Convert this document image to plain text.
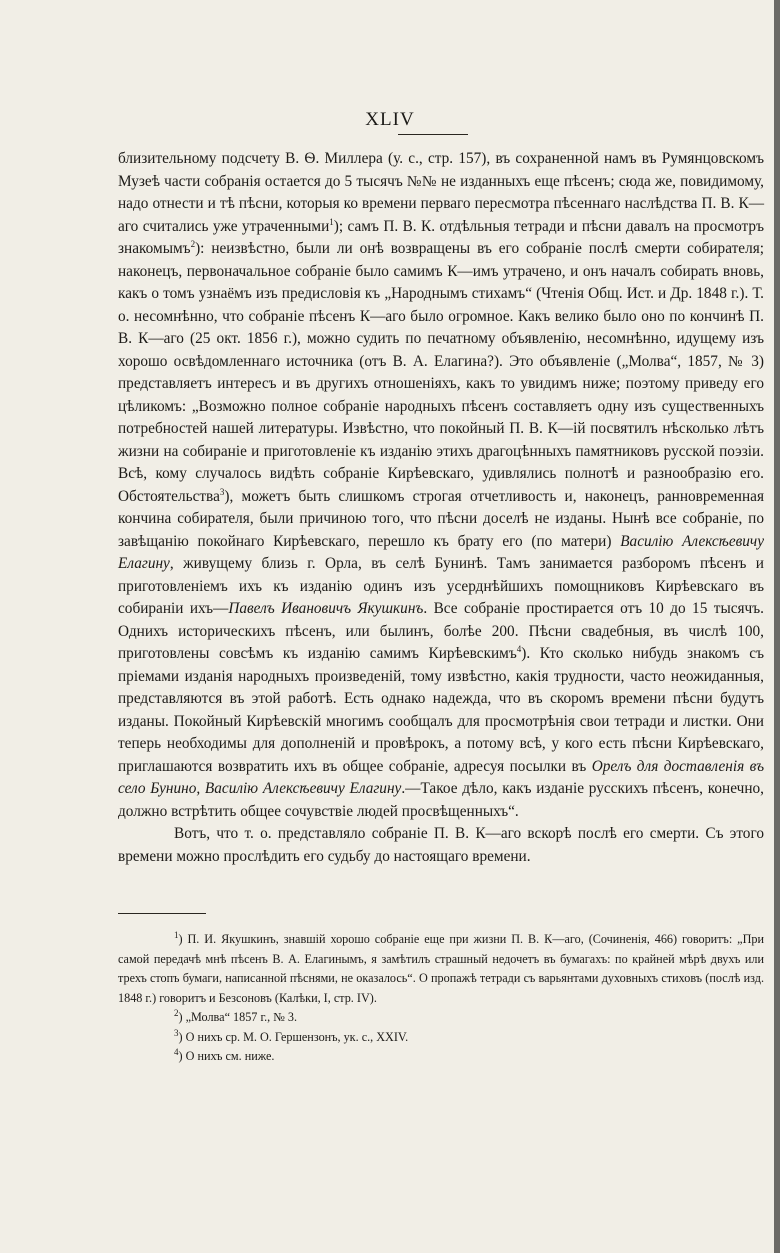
XLIV

близительному подсчету В. Ѳ. Миллера (у. с., стр. 157), въ сохраненной намъ въ Румянцовскомъ Музеѣ части собранія остается до 5 тысячъ №№ не изданныхъ еще пѣсенъ; сюда же, повидимому, надо отнести и тѣ пѣсни, которыя ко времени перваго пересмотра пѣсеннаго наслѣдства П. В. К—аго считались уже утраченными$^1$); самъ П. В. К. отдѣльныя тетради и пѣсни давалъ на просмотръ знакомымъ$^2$): неизвѣстно, были ли онѣ возвращены въ его собраніе послѣ смерти собирателя; наконецъ, первоначальное собраніе было самимъ К—имъ утрачено, и онъ началъ собирать вновь, какъ о томъ узнаёмъ изъ предисловія къ „Народнымъ стихамъ“ (Чтенія Общ. Ист. и Др. 1848 г.). Т. о. несомнѣнно, что собраніе пѣсенъ К—аго было огромное. Какъ велико было оно по кончинѣ П. В. К—аго (25 окт. 1856 г.), можно судить по печатному объявленію, несомнѣнно, идущему изъ хорошо освѣдомленнаго источника (отъ В. А. Елагина?). Это объявленіе („Молва“, 1857, № 3) представляетъ интересъ и въ другихъ отношеніяхъ, какъ то увидимъ ниже; поэтому приведу его цѣликомъ: „Возможно полное собраніе народныхъ пѣсенъ составляетъ одну изъ существенныхъ потребностей нашей литературы. Извѣстно, что покойный П. В. К—ій посвятилъ нѣсколько лѣтъ жизни на собираніе и приготовленіе къ изданію этихъ драгоцѣнныхъ памятниковъ русской поэзіи. Всѣ, кому случалось видѣть собраніе Кирѣевскаго, удивлялись полнотѣ и разнообразію его. Обстоятельства$^3$), можетъ быть слишкомъ строгая отчетливость и, наконецъ, ранновременная кончина собирателя, были причиною того, что пѣсни доселѣ не изданы. Нынѣ все собраніе, по завѣщанію покойнаго Кирѣевскаго, перешло къ брату его (по матери) Василію Алексѣевичу Елагину, живущему близь г. Орла, въ селѣ Бунинѣ. Тамъ занимается разборомъ пѣсенъ и приготовленіемъ ихъ къ изданію одинъ изъ усерднѣйшихъ помощниковъ Кирѣевскаго въ собираніи ихъ—Павелъ Ивановичъ Якушкинъ. Все собраніе простирается отъ 10 до 15 тысячъ. Однихъ историческихъ пѣсенъ, или былинъ, болѣе 200. Пѣсни свадебныя, въ числѣ 100, приготовлены совсѣмъ къ изданію самимъ Кирѣевскимъ$^4$). Кто сколько нибудь знакомъ съ пріемами изданія народныхъ произведеній, тому извѣстно, какія трудности, часто неожиданныя, представляются въ этой работѣ. Есть однако надежда, что въ скоромъ времени пѣсни будутъ изданы. Покойный Кирѣевскій многимъ сообщалъ для просмотрѣнія свои тетради и листки. Они теперь необходимы для дополненій и провѣрокъ, а потому всѣ, у кого есть пѣсни Кирѣевскаго, приглашаются возвратить ихъ въ общее собраніе, адресуя посылки въ Орелъ для доставленія въ село Бунино, Василію Алексѣевичу Елагину.—Такое дѣло, какъ изданіе русскихъ пѣсенъ, конечно, должно встрѣтить общее сочувствіе людей просвѣщенныхъ“.

Вотъ, что т. о. представляло собраніе П. В. К—аго вскорѣ послѣ его смерти. Съ этого времени можно прослѣдить его судьбу до настоящаго времени.

$^1$) П. И. Якушкинъ, знавшій хорошо собраніе еще при жизни П. В. К—аго, (Сочиненія, 466) говоритъ: „При самой передачѣ мнѣ пѣсенъ В. А. Елагинымъ, я замѣтилъ страшный недочетъ въ бумагахъ: по крайней мѣрѣ двухъ или трехъ стопъ бумаги, написанной пѣснями, не оказалось“. О пропажѣ тетради съ варьянтами духовныхъ стиховъ (послѣ изд. 1848 г.) говоритъ и Безсоновъ (Калѣки, I, стр. IV).

$^2$) „Молва“ 1857 г., № 3.

$^3$) О нихъ ср. М. О. Гершензонъ, ук. с., XXIV.

$^4$) О нихъ см. ниже.
